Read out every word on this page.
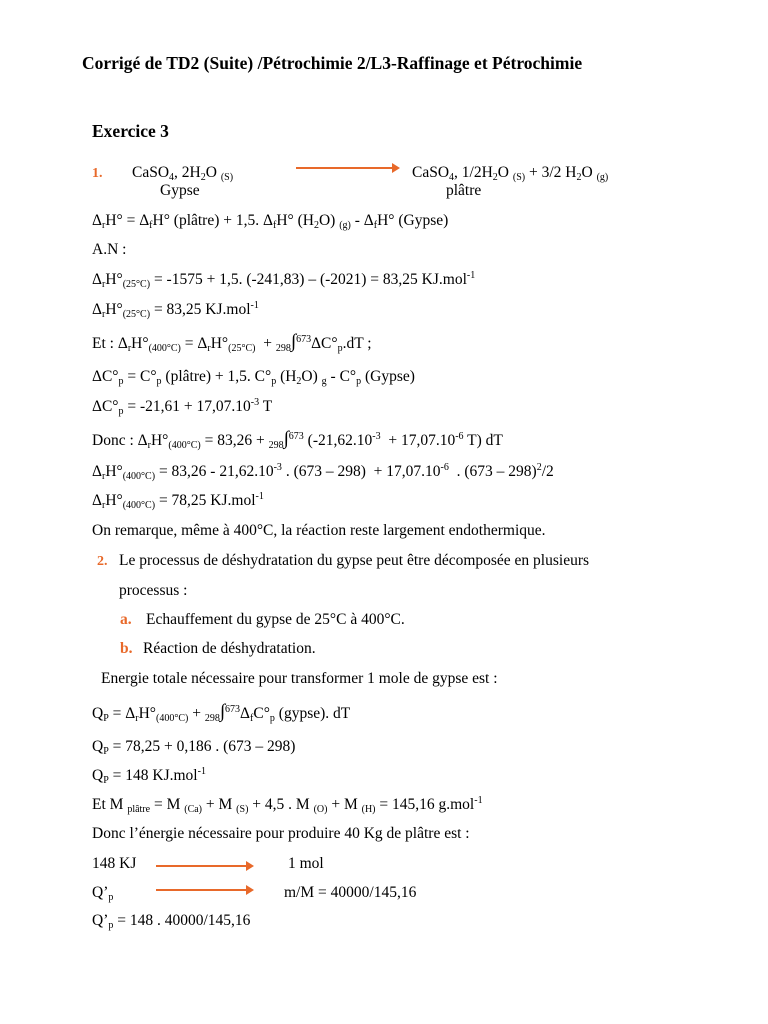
Corrigé de TD2 (Suite) /Pétrochimie 2/L3-Raffinage et Pétrochimie
Exercice 3
1. CaSO$_4$, $2H_2O$ $_{(S)}$	CaSO$_4$, $1/2H_2O$ $_{(S)}$ + 3/2 $H_2O$ $_{(g)}$
Gypse	plâtre
$\Delta_rH^\circ = \Delta_fH^\circ$ (plâtre) + 1,5. $\Delta_fH^\circ$ $(H_2O)$ $_{(g)} - \Delta_fH^\circ$ (Gypse)
A.N :
$\Delta_rH^\circ_{(25^\circ C)} = -1575 + 1,5$. (-241,83) – (-2021) = 83,25 KJ.mol$^{-1}$
$\Delta_rH^\circ_{(25^\circ C)} = 83,25$ KJ.mol$^{-1}$
Et : $\Delta_rH^\circ_{(400^\circ C)} = \Delta_rH^\circ_{(25^\circ C)} + _{298}\int^{673}\Delta C^\circ_p.dT$ ;
$\Delta C^\circ_p = C^\circ_p$ (plâtre) + 1,5. $C^\circ_p$ $(H_2O)$ $_g - C^\circ_p$ (Gypse)
$\Delta C^\circ_p = -21,61 + 17,07.10^{-3}$ T
Donc : $\Delta_rH^\circ_{(400^\circ C)} = 83,26 + _{298}\int^{673}$ ($-21,62.10^{-3} + 17,07.10^{-6}$ T) dT
$\Delta_rH^\circ_{(400^\circ C)} = 83,26 - 21,62.10^{-3}$ . $(673 - 298) + 17,07.10^{-6}$  . (673 – 298)$^2$/2
$\Delta_rH^\circ_{(400^\circ C)} = 78,25$ KJ.mol$^{-1}$
On remarque, même à 400°C, la réaction reste largement endothermique.
2. Le processus de déshydratation du gypse peut être décomposée en plusieurs
processus :
a. Echauffement du gypse de 25°C à 400°C.
b. Réaction de déshydratation.
Energie totale nécessaire pour transformer 1 mole de gypse est :
$Q_P = \Delta_rH^\circ_{(400^\circ C)} + _{298}\int^{673}\Delta_fC^\circ_p$ (gypse). dT
$Q_P = 78,25 + 0,186$ . (673 – 298)
$Q_P = 148$ KJ.mol$^{-1}$
Et M $_{plâtre}$ = M $_{(Ca)}$ + M $_{(S)}$ + 4,5 . M $_{(O)}$ + M $_{(H)}$ = 145,16 g.mol$^{-1}$
Donc l’énergie nécessaire pour produire 40 Kg de plâtre est :
148 KJ	1 mol
$Q’_p$	m/M = 40000/145,16
$Q’_p = 148$ . 40000/145,16
